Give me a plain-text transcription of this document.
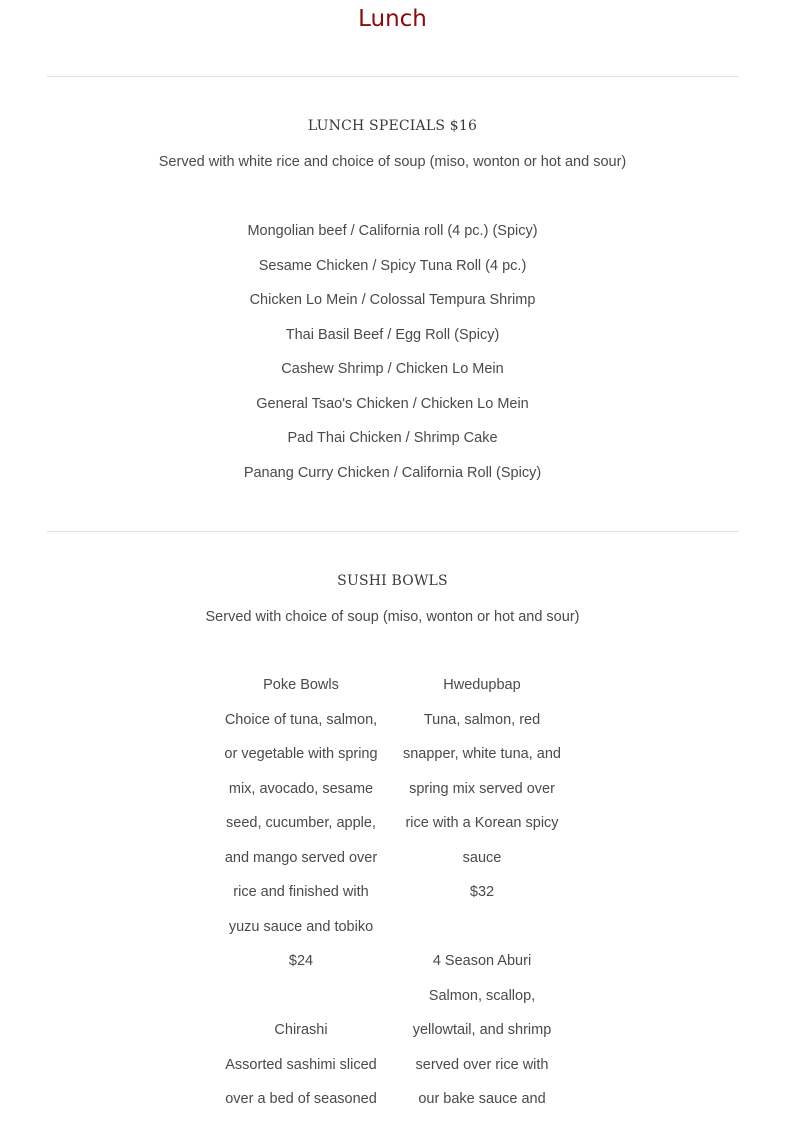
Lunch
LUNCH SPECIALS $16

Served with white rice and choice of soup (miso, wonton or hot and sour)

Mongolian beef / California roll (4 pc.) (Spicy)
Sesame Chicken / Spicy Tuna Roll (4 pc.)
Chicken Lo Mein / Colossal Tempura Shrimp
Thai Basil Beef / Egg Roll (Spicy)
Cashew Shrimp / Chicken Lo Mein
General Tsao's Chicken / Chicken Lo Mein
Pad Thai Chicken / Shrimp Cake
Panang Curry Chicken / California Roll (Spicy)
SUSHI BOWLS

Served with choice of soup (miso, wonton or hot and sour)

Poke Bowls
Choice of tuna, salmon,
or vegetable with spring
mix, avocado, sesame
seed, cucumber, apple,
and mango served over
rice and finished with
yuzu sauce and tobiko
$24
Hwedupbap
Tuna, salmon, red
snapper, white tuna, and
spring mix served over
rice with a Korean spicy
sauce
$32
4 Season Aburi
Salmon, scallop,
yellowtail, and shrimp
served over rice with
our bake sauce and
Chirashi
Assorted sashimi sliced
over a bed of seasoned
